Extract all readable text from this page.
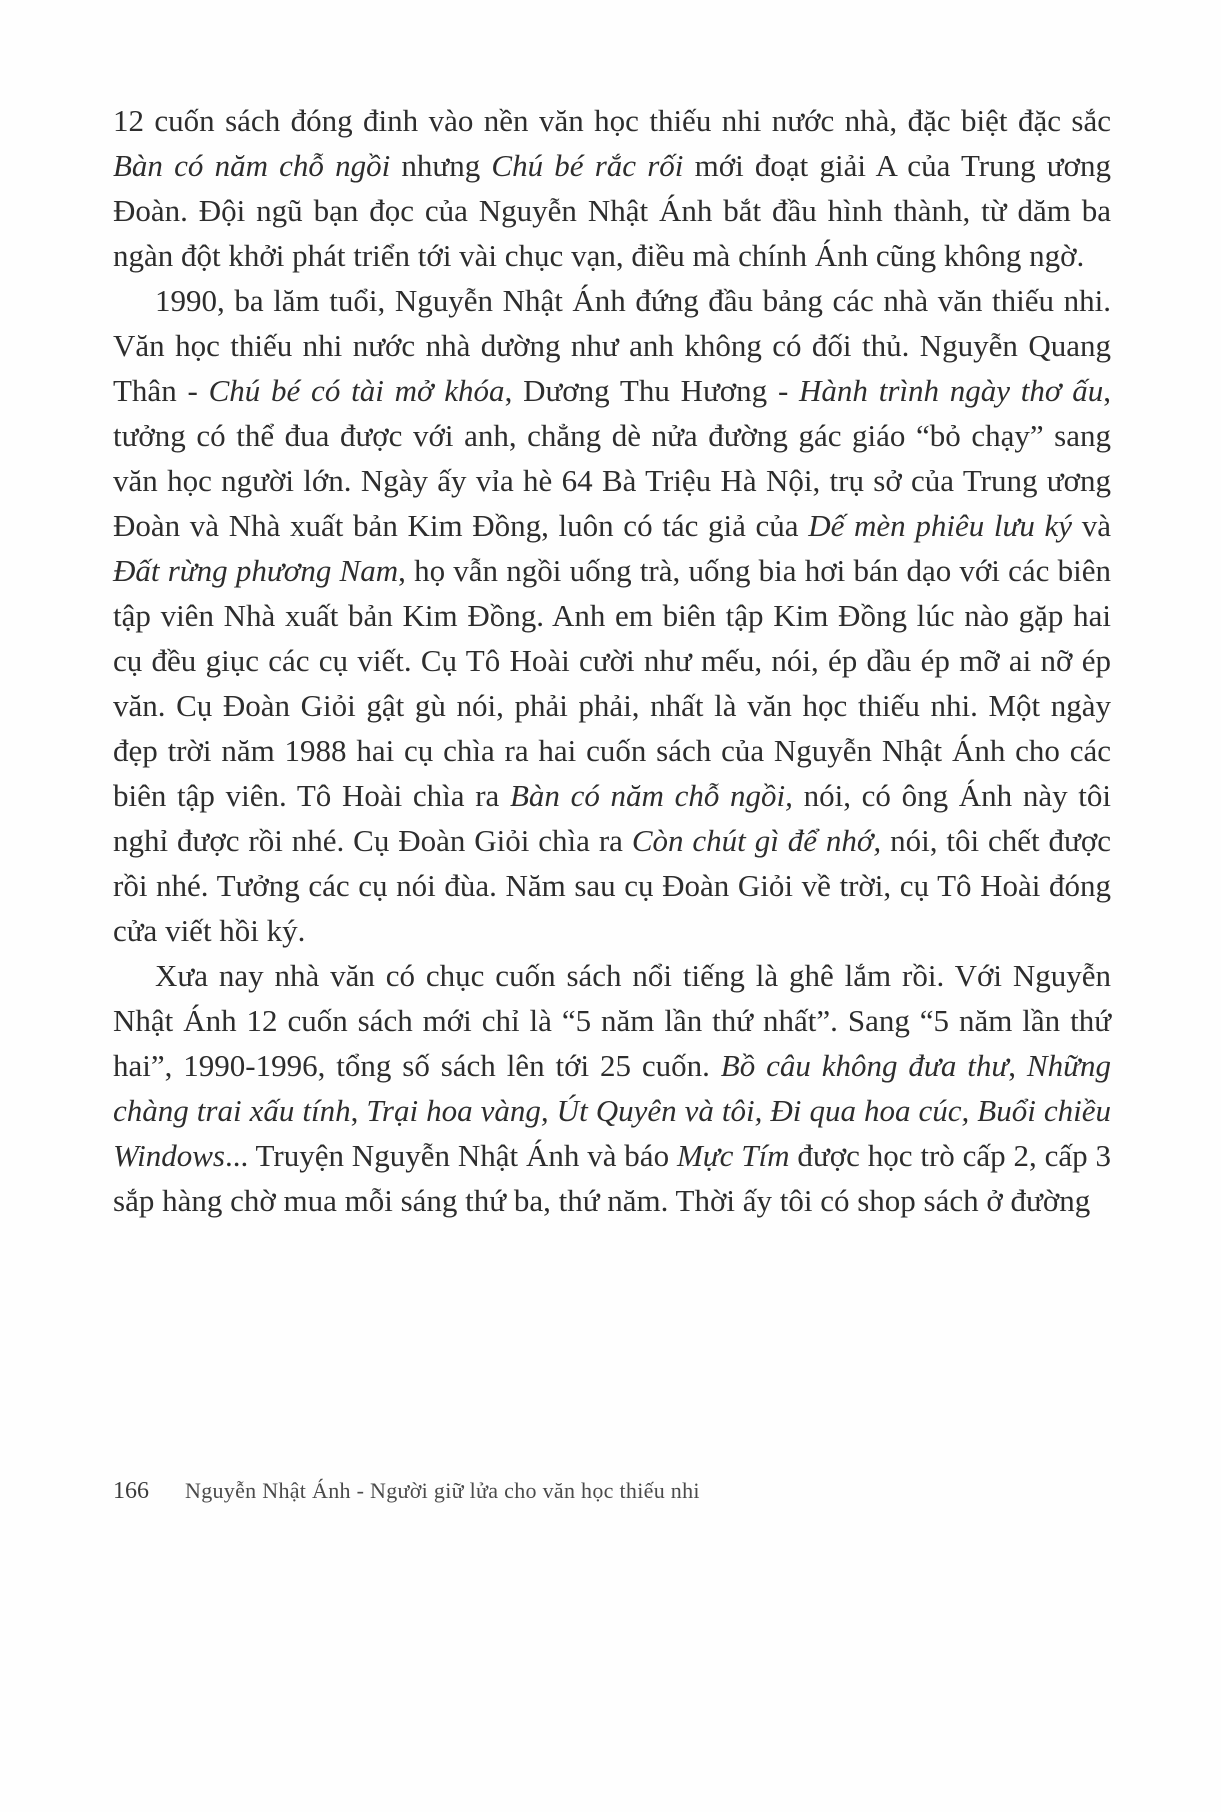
12 cuốn sách đóng đinh vào nền văn học thiếu nhi nước nhà, đặc biệt đặc sắc Bàn có năm chỗ ngồi nhưng Chú bé rắc rối mới đoạt giải A của Trung ương Đoàn. Đội ngũ bạn đọc của Nguyễn Nhật Ánh bắt đầu hình thành, từ dăm ba ngàn đột khởi phát triển tới vài chục vạn, điều mà chính Ánh cũng không ngờ.

1990, ba lăm tuổi, Nguyễn Nhật Ánh đứng đầu bảng các nhà văn thiếu nhi. Văn học thiếu nhi nước nhà dường như anh không có đối thủ. Nguyễn Quang Thân - Chú bé có tài mở khóa, Dương Thu Hương - Hành trình ngày thơ ấu, tưởng có thể đua được với anh, chẳng dè nửa đường gác giáo “bỏ chạy” sang văn học người lớn. Ngày ấy vỉa hè 64 Bà Triệu Hà Nội, trụ sở của Trung ương Đoàn và Nhà xuất bản Kim Đồng, luôn có tác giả của Dế mèn phiêu lưu ký và Đất rừng phương Nam, họ vẫn ngồi uống trà, uống bia hơi bán dạo với các biên tập viên Nhà xuất bản Kim Đồng. Anh em biên tập Kim Đồng lúc nào gặp hai cụ đều giục các cụ viết. Cụ Tô Hoài cười như mếu, nói, ép dầu ép mỡ ai nỡ ép văn. Cụ Đoàn Giỏi gật gù nói, phải phải, nhất là văn học thiếu nhi. Một ngày đẹp trời năm 1988 hai cụ chìa ra hai cuốn sách của Nguyễn Nhật Ánh cho các biên tập viên. Tô Hoài chìa ra Bàn có năm chỗ ngồi, nói, có ông Ánh này tôi nghỉ được rồi nhé. Cụ Đoàn Giỏi chìa ra Còn chút gì để nhớ, nói, tôi chết được rồi nhé. Tưởng các cụ nói đùa. Năm sau cụ Đoàn Giỏi về trời, cụ Tô Hoài đóng cửa viết hồi ký.

Xưa nay nhà văn có chục cuốn sách nổi tiếng là ghê lắm rồi. Với Nguyễn Nhật Ánh 12 cuốn sách mới chỉ là “5 năm lần thứ nhất”. Sang “5 năm lần thứ hai”, 1990-1996, tổng số sách lên tới 25 cuốn. Bồ câu không đưa thư, Những chàng trai xấu tính, Trại hoa vàng, Út Quyên và tôi, Đi qua hoa cúc, Buổi chiều Windows... Truyện Nguyễn Nhật Ánh và báo Mực Tím được học trò cấp 2, cấp 3 sắp hàng chờ mua mỗi sáng thứ ba, thứ năm. Thời ấy tôi có shop sách ở đường

166 Nguyễn Nhật Ánh - Người giữ lửa cho văn học thiếu nhi
